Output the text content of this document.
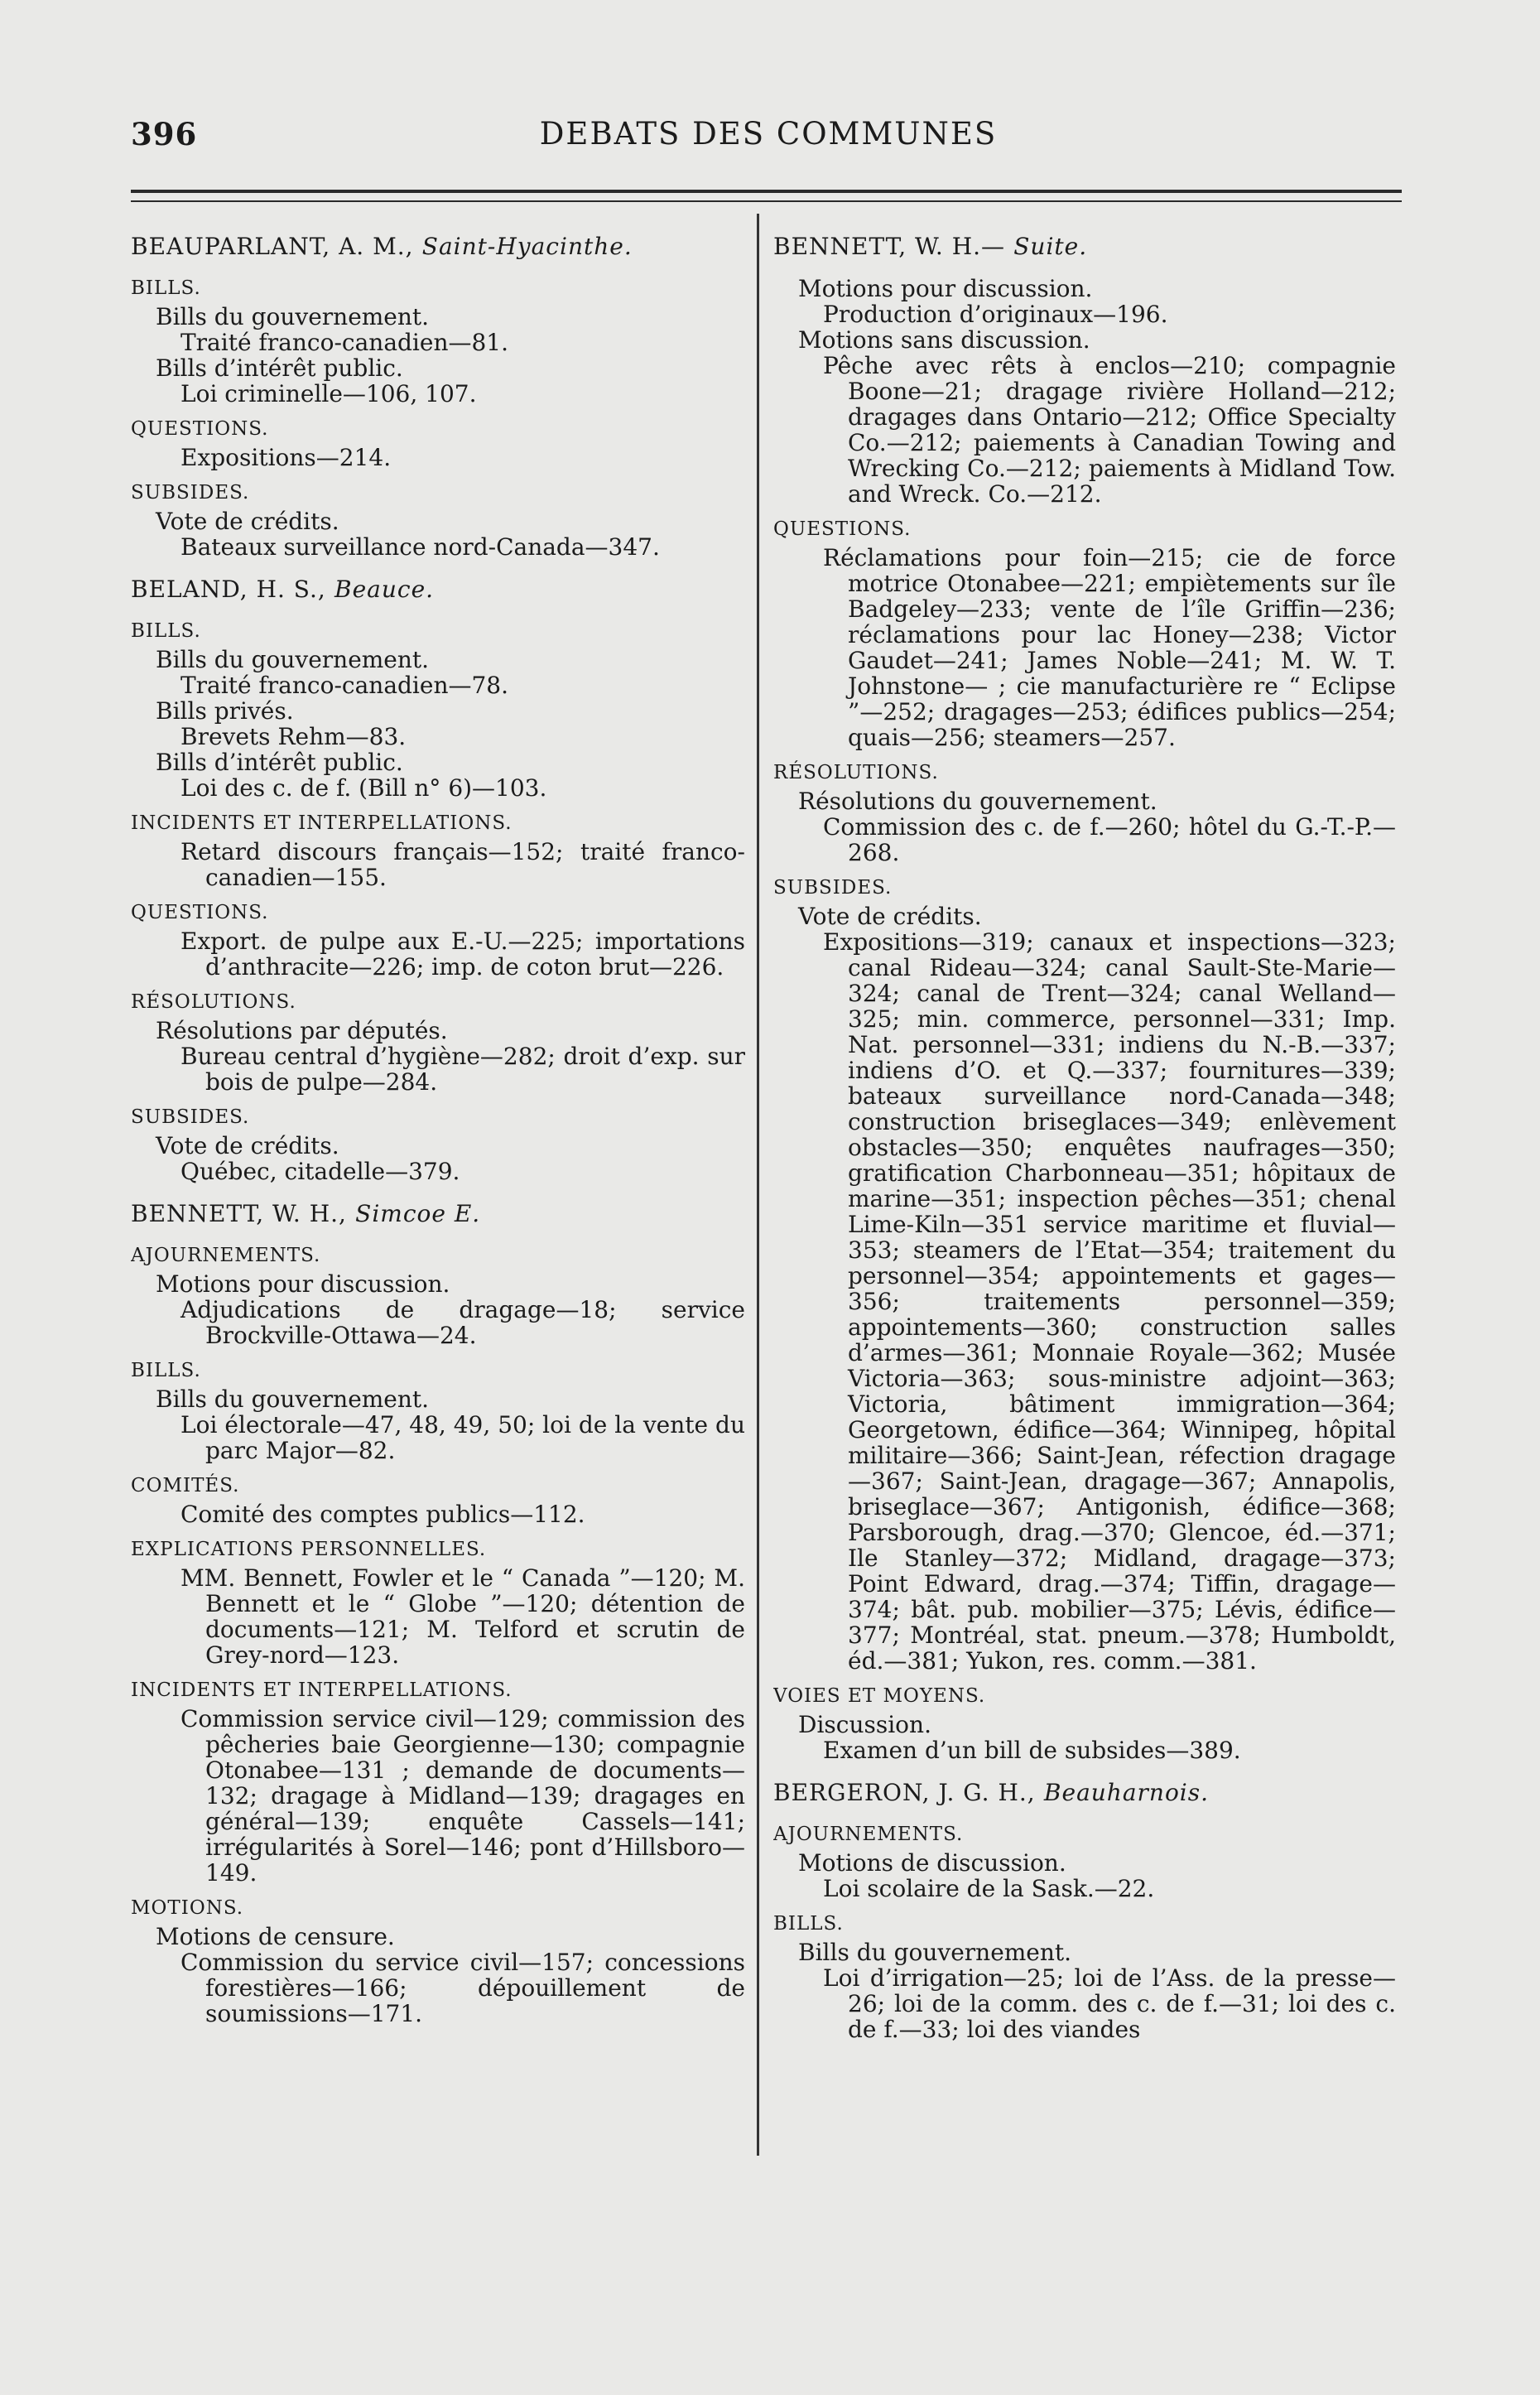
396	DEBATS DES COMMUNES
BEAUPARLANT, A. M., Saint-Hyacinthe.
BILLS.
Bills du gouvernement.
Traité franco-canadien—81.
Bills d’intérêt public.
Loi criminelle—106, 107.
QUESTIONS.
Expositions—214.
SUBSIDES.
Vote de crédits.
Bateaux surveillance nord-Canada—347.
BELAND, H. S., Beauce.
BILLS.
Bills du gouvernement.
Traité franco-canadien—78.
Bills privés.
Brevets Rehm—83.
Bills d’intérêt public.
Loi des c. de f. (Bill n° 6)—103.
INCIDENTS ET INTERPELLATIONS.
Retard discours français—152; traité franco-canadien—155.
QUESTIONS.
Export. de pulpe aux E.-U.—225; importations d’anthracite—226; imp. de coton brut—226.
RÉSOLUTIONS.
Résolutions par députés.
Bureau central d’hygiène—282; droit d’exp. sur bois de pulpe—284.
SUBSIDES.
Vote de crédits.
Québec, citadelle—379.
BENNETT, W. H., Simcoe E.
AJOURNEMENTS.
Motions pour discussion.
Adjudications de dragage—18; service Brockville-Ottawa—24.
BILLS.
Bills du gouvernement.
Loi électorale—47, 48, 49, 50; loi de la vente du parc Major—82.
COMITÉS.
Comité des comptes publics—112.
EXPLICATIONS PERSONNELLES.
MM. Bennett, Fowler et le “ Canada ”—120; M. Bennett et le “ Globe ”—120; détention de documents—121; M. Telford et scrutin de Grey-nord—123.
INCIDENTS ET INTERPELLATIONS.
Commission service civil—129; commission des pêcheries baie Georgienne—130; compagnie Otonabee—131 ; demande de documents—132; dragage à Midland—139; dragages en général—139; enquête Cassels—141; irrégularités à Sorel—146; pont d’Hillsboro—149.
MOTIONS.
Motions de censure.
Commission du service civil—157; concessions forestières—166; dépouillement de soumissions—171.
BENNETT, W. H.— Suite.
Motions pour discussion.
Production d’originaux—196.
Motions sans discussion.
Pêche avec rêts à enclos—210; compagnie Boone—21; dragage rivière Holland—212; dragages dans Ontario—212; Office Specialty Co.—212; paiements à Canadian Towing and Wrecking Co.—212; paiements à Midland Tow. and Wreck. Co.—212.
QUESTIONS.
Réclamations pour foin—215; cie de force motrice Otonabee—221; empiètements sur île Badgeley—233; vente de l’île Griffin—236; réclamations pour lac Honey—238; Victor Gaudet—241; James Noble—241; M. W. T. Johnstone— ; cie manufacturière re “ Eclipse ”—252; dragages—253; édifices publics—254; quais—256; steamers—257.
RÉSOLUTIONS.
Résolutions du gouvernement.
Commission des c. de f.—260; hôtel du G.-T.-P.—268.
SUBSIDES.
Vote de crédits.
Expositions—319; canaux et inspections—323; canal Rideau—324; canal Sault-Ste-Marie—324; canal de Trent—324; canal Welland—325; min. commerce, personnel—331; Imp. Nat. personnel—331; indiens du N.-B.—337; indiens d’O. et Q.—337; fournitures—339; bateaux surveillance nord-Canada—348; construction briseglaces—349; enlèvement obstacles—350; enquêtes naufrages—350; gratification Charbonneau—351; hôpitaux de marine—351; inspection pêches—351; chenal Lime-Kiln—351 service maritime et fluvial—353; steamers de l’Etat—354; traitement du personnel—354; appointements et gages—356; traitements personnel—359; appointements—360; construction salles d’armes—361; Monnaie Royale—362; Musée Victoria—363; sous-ministre adjoint—363; Victoria, bâtiment immigration—364; Georgetown, édifice—364; Winnipeg, hôpital militaire—366; Saint-Jean, réfection dragage—367; Saint-Jean, dragage—367; Annapolis, briseglace—367; Antigonish, édifice—368; Parsborough, drag.—370; Glencoe, éd.—371; Ile Stanley—372; Midland, dragage—373; Point Edward, drag.—374; Tiffin, dragage—374; bât. pub. mobilier—375; Lévis, édifice—377; Montréal, stat. pneum.—378; Humboldt, éd.—381; Yukon, res. comm.—381.
VOIES ET MOYENS.
Discussion.
Examen d’un bill de subsides—389.
BERGERON, J. G. H., Beauharnois.
AJOURNEMENTS.
Motions de discussion.
Loi scolaire de la Sask.—22.
BILLS.
Bills du gouvernement.
Loi d’irrigation—25; loi de l’Ass. de la presse—26; loi de la comm. des c. de f.—31; loi des c. de f.—33; loi des viandes
